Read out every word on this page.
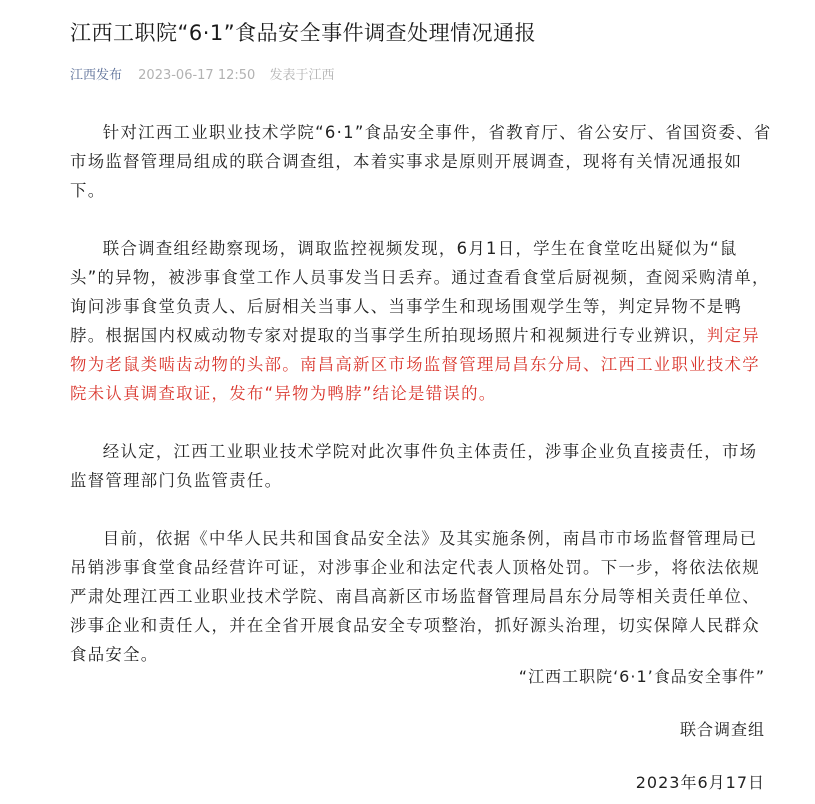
江西工职院“6·1”食品安全事件调查处理情况通报
江西发布 2023-06-17 12:50 发表于江西

针对江西工业职业技术学院“6·1”食品安全事件，省教育厅、省公安厅、省国资委、省市场监督管理局组成的联合调查组，本着实事求是原则开展调查，现将有关情况通报如下。

联合调查组经勘察现场，调取监控视频发现，6月1日，学生在食堂吃出疑似为“鼠头”的异物，被涉事食堂工作人员事发当日丢弃。通过查看食堂后厨视频，查阅采购清单，询问涉事食堂负责人、后厨相关当事人、当事学生和现场围观学生等，判定异物不是鸭脖。根据国内权威动物专家对提取的当事学生所拍现场照片和视频进行专业辨识，判定异物为老鼠类啮齿动物的头部。南昌高新区市场监督管理局昌东分局、江西工业职业技术学院未认真调查取证，发布“异物为鸭脖”结论是错误的。

经认定，江西工业职业技术学院对此次事件负主体责任，涉事企业负直接责任，市场监督管理部门负监管责任。

目前，依据《中华人民共和国食品安全法》及其实施条例，南昌市市场监督管理局已吊销涉事食堂食品经营许可证，对涉事企业和法定代表人顶格处罚。下一步，将依法依规严肃处理江西工业职业技术学院、南昌高新区市场监督管理局昌东分局等相关责任单位、涉事企业和责任人，并在全省开展食品安全专项整治，抓好源头治理，切实保障人民群众食品安全。

“江西工职院‘6·1’食品安全事件”
联合调查组
2023年6月17日
